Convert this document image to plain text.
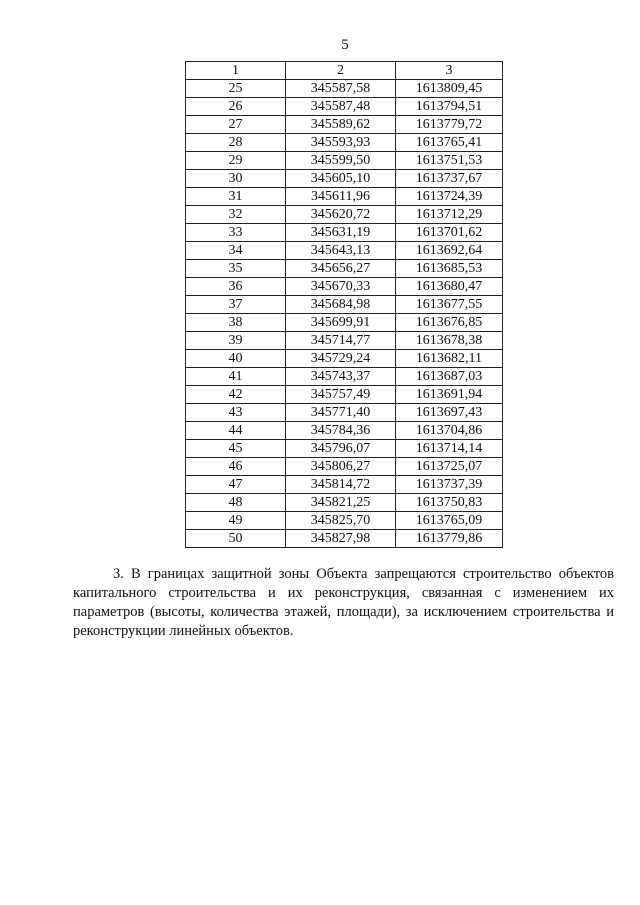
5
1	2	3
25	345587,58	1613809,45
26	345587,48	1613794,51
27	345589,62	1613779,72
28	345593,93	1613765,41
29	345599,50	1613751,53
30	345605,10	1613737,67
31	345611,96	1613724,39
32	345620,72	1613712,29
33	345631,19	1613701,62
34	345643,13	1613692,64
35	345656,27	1613685,53
36	345670,33	1613680,47
37	345684,98	1613677,55
38	345699,91	1613676,85
39	345714,77	1613678,38
40	345729,24	1613682,11
41	345743,37	1613687,03
42	345757,49	1613691,94
43	345771,40	1613697,43
44	345784,36	1613704,86
45	345796,07	1613714,14
46	345806,27	1613725,07
47	345814,72	1613737,39
48	345821,25	1613750,83
49	345825,70	1613765,09
50	345827,98	1613779,86

3. В границах защитной зоны Объекта запрещаются строительство объектов капитального строительства и их реконструкция, связанная с изменением их параметров (высоты, количества этажей, площади), за исключением строительства и реконструкции линейных объектов.
